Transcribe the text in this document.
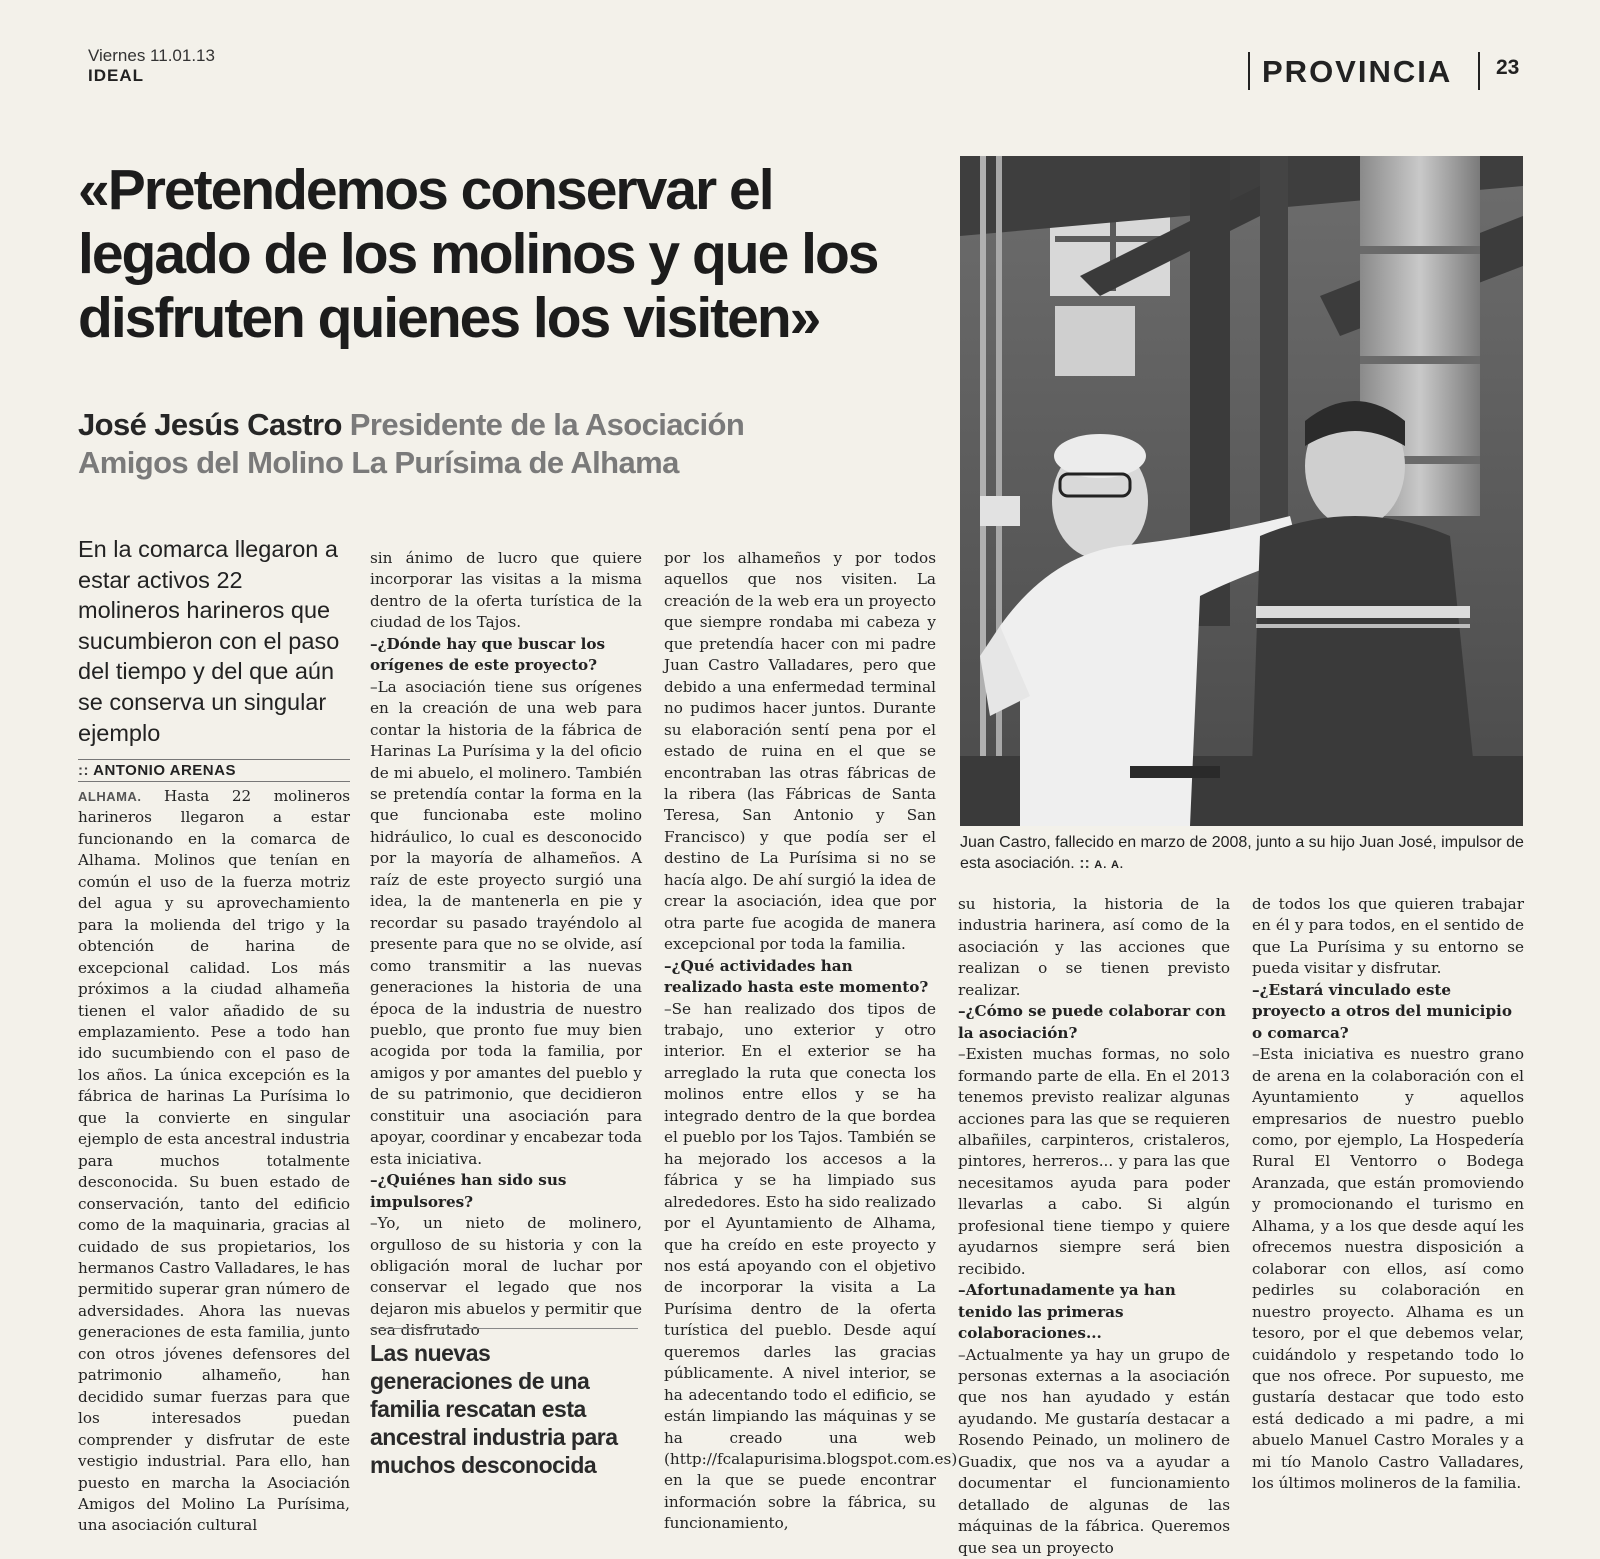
Viernes 11.01.13
IDEAL	PROVINCIA 23
«Pretendemos conservar el legado de los molinos y que los disfruten quienes los visiten»
José Jesús Castro Presidente de la Asociación Amigos del Molino La Purísima de Alhama
Juan Castro, fallecido en marzo de 2008, junto a su hijo Juan José, impulsor de esta asociación. :: A. A.
En la comarca llegaron a estar activos 22 molineros harineros que sucumbieron con el paso del tiempo y del que aún se conserva un singular ejemplo
:: ANTONIO ARENAS

ALHAMA. Hasta 22 molineros harineros llegaron a estar funcionando en la comarca de Alhama. Molinos que tenían en común el uso de la fuerza motriz del agua y su aprovechamiento para la molienda del trigo y la obtención de harina de excepcional calidad. Los más próximos a la ciudad alhameña tienen el valor añadido de su emplazamiento. Pese a todo han ido sucumbiendo con el paso de los años. La única excepción es la fábrica de harinas La Purísima lo que la convierte en singular ejemplo de esta ancestral industria para muchos totalmente desconocida. Su buen estado de conservación, tanto del edificio como de la maquinaria, gracias al cuidado de sus propietarios, los hermanos Castro Valladares, le has permitido superar gran número de adversidades. Ahora las nuevas generaciones de esta familia, junto con otros jóvenes defensores del patrimonio alhameño, han decidido sumar fuerzas para que los interesados puedan comprender y disfrutar de este vestigio industrial. Para ello, han puesto en marcha la Asociación Amigos del Molino La Purísima, una asociación cultural

sin ánimo de lucro que quiere incorporar las visitas a la misma dentro de la oferta turística de la ciudad de los Tajos.

–¿Dónde hay que buscar los orígenes de este proyecto?

–La asociación tiene sus orígenes en la creación de una web para contar la historia de la fábrica de Harinas La Purísima y la del oficio de mi abuelo, el molinero. También se pretendía contar la forma en la que funcionaba este molino hidráulico, lo cual es desconocido por la mayoría de alhameños. A raíz de este proyecto surgió una idea, la de mantenerla en pie y recordar su pasado trayéndolo al presente para que no se olvide, así como transmitir a las nuevas generaciones la historia de una época de la industria de nuestro pueblo, que pronto fue muy bien acogida por toda la familia, por amigos y por amantes del pueblo y de su patrimonio, que decidieron constituir una asociación para apoyar, coordinar y encabezar toda esta iniciativa.

–¿Quiénes han sido sus impulsores?

–Yo, un nieto de molinero, orgulloso de su historia y con la obligación moral de luchar por conservar el legado que nos dejaron mis abuelos y permitir que sea disfrutado

Las nuevas generaciones de una familia rescatan esta ancestral industria para muchos desconocida

por los alhameños y por todos aquellos que nos visiten. La creación de la web era un proyecto que siempre rondaba mi cabeza y que pretendía hacer con mi padre Juan Castro Valladares, pero que debido a una enfermedad terminal no pudimos hacer juntos. Durante su elaboración sentí pena por el estado de ruina en el que se encontraban las otras fábricas de la ribera (las Fábricas de Santa Teresa, San Antonio y San Francisco) y que podía ser el destino de La Purísima si no se hacía algo. De ahí surgió la idea de crear la asociación, idea que por otra parte fue acogida de manera excepcional por toda la familia.

–¿Qué actividades han realizado hasta este momento?

–Se han realizado dos tipos de trabajo, uno exterior y otro interior. En el exterior se ha arreglado la ruta que conecta los molinos entre ellos y se ha integrado dentro de la que bordea el pueblo por los Tajos. También se ha mejorado los accesos a la fábrica y se ha limpiado sus alrededores. Esto ha sido realizado por el Ayuntamiento de Alhama, que ha creído en este proyecto y nos está apoyando con el objetivo de incorporar la visita a La Purísima dentro de la oferta turística del pueblo. Desde aquí queremos darles las gracias públicamente. A nivel interior, se ha adecentando todo el edificio, se están limpiando las máquinas y se ha creado una web (http://fcalapurisima.blogspot.com.es) en la que se puede encontrar información sobre la fábrica, su funcionamiento,

su historia, la historia de la industria harinera, así como de la asociación y las acciones que realizan o se tienen previsto realizar.

–¿Cómo se puede colaborar con la asociación?

–Existen muchas formas, no solo formando parte de ella. En el 2013 tenemos previsto realizar algunas acciones para las que se requieren albañiles, carpinteros, cristaleros, pintores, herreros... y para las que necesitamos ayuda para poder llevarlas a cabo. Si algún profesional tiene tiempo y quiere ayudarnos siempre será bien recibido.

–Afortunadamente ya han tenido las primeras colaboraciones...

–Actualmente ya hay un grupo de personas externas a la asociación que nos han ayudado y están ayudando. Me gustaría destacar a Rosendo Peinado, un molinero de Guadix, que nos va a ayudar a documentar el funcionamiento detallado de algunas de las máquinas de la fábrica. Queremos que sea un proyecto

de todos los que quieren trabajar en él y para todos, en el sentido de que La Purísima y su entorno se pueda visitar y disfrutar.

–¿Estará vinculado este proyecto a otros del municipio o comarca?

–Esta iniciativa es nuestro grano de arena en la colaboración con el Ayuntamiento y aquellos empresarios de nuestro pueblo como, por ejemplo, La Hospedería Rural El Ventorro o Bodega Aranzada, que están promoviendo y promocionando el turismo en Alhama, y a los que desde aquí les ofrecemos nuestra disposición a colaborar con ellos, así como pedirles su colaboración en nuestro proyecto. Alhama es un tesoro, por el que debemos velar, cuidándolo y respetando todo lo que nos ofrece. Por supuesto, me gustaría destacar que todo esto está dedicado a mi padre, a mi abuelo Manuel Castro Morales y a mi tío Manolo Castro Valladares, los últimos molineros de la familia.
